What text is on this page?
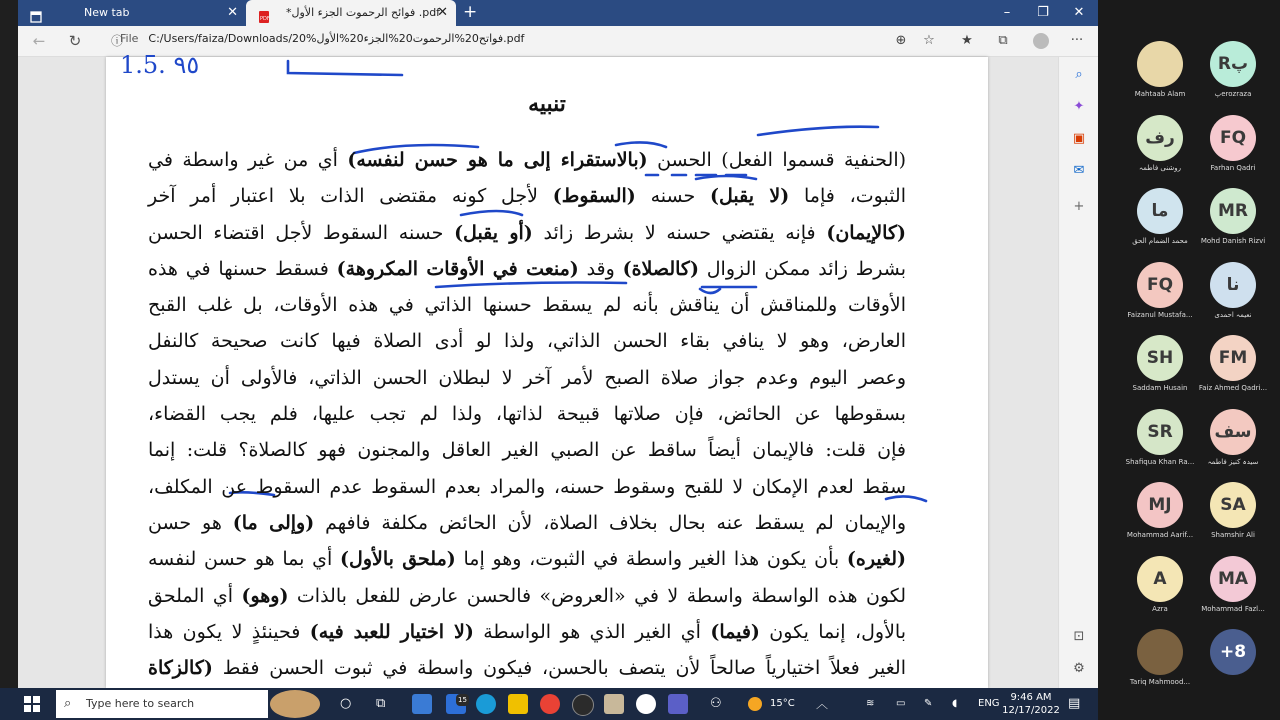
New tab	✕	PDF *فوائح الرحموت الجزء الأول .pdf
✕ +	–	❐	✕
←	↻	ⓘ
File C:/Users/faiza/Downloads/20%فواتح20%الرحموت20%الجزء20%الأول.pdf	⊕	☆	★	⧉	···
1.5. ٩٥
تنبيه
(الحنفية قسموا الفعل) الحسن (بالاستقراء إلى ما هو حسن لنفسه) أي من غير واسطة في
الثبوت، فإما (لا يقبل) حسنه (السقوط) لأجل كونه مقتضى الذات بلا اعتبار أمر آخر
(كالإيمان) فإنه يقتضي حسنه لا بشرط زائد (أو يقبل) حسنه السقوط لأجل اقتضاء الحسن
بشرط زائد ممكن الزوال (كالصلاة) وقد (منعت في الأوقات المكروهة) فسقط حسنها في هذه
الأوقات وللمناقش أن يناقش بأنه لم يسقط حسنها الذاتي في هذه الأوقات، بل غلب القبح
العارض، وهو لا ينافي بقاء الحسن الذاتي، ولذا لو أدى الصلاة فيها كانت صحيحة كالنفل
وعصر اليوم وعدم جواز صلاة الصبح لأمر آخر لا لبطلان الحسن الذاتي، فالأولى أن يستدل
بسقوطها عن الحائض، فإن صلاتها قبيحة لذاتها، ولذا لم تجب عليها، فلم يجب القضاء،
فإن قلت: فالإيمان أيضاً ساقط عن الصبي الغير العاقل والمجنون فهو كالصلاة؟ قلت: إنما
سقط لعدم الإمكان لا للقبح وسقوط حسنه، والمراد بعدم السقوط عدم السقوط عن المكلف،
والإيمان لم يسقط عنه بحال بخلاف الصلاة، لأن الحائض مكلفة فافهم (وإلى ما) هو حسن
(لغيره) بأن يكون هذا الغير واسطة في الثبوت، وهو إما (ملحق بالأول) أي بما هو حسن لنفسه
لكون هذه الواسطة واسطة لا في «العروض» فالحسن عارض للفعل بالذات (وهو) أي الملحق
بالأول، إنما يكون (فيما) أي الغير الذي هو الواسطة (لا اختيار للعبد فيه) فحينئذٍ لا يكون هذا
الغير فعلاً اختيارياً صالحاً لأن يتصف بالحسن، فيكون واسطة في ثبوت الحسن فقط (كالزكاة
⌕
✦
▣
✉
+
⊡
⚙
Mahtaab Alam
Rپ
پerozraza
رف
روشنی فاطمہ
FQ
Farhan Qadri
ما
محمد الضمام الحق
MR
Mohd Danish Rizvi
FQ
Faizanul Mustafa...
نا
نعیمہ احمدی
SH
Saddam Husain
FM
Faiz Ahmed Qadri...
SR
Shafiqua Khan Ra...
سف
سیدہ کنیز فاطمہ
MJ
Mohammad Aarif...
SA
Shamshir Ali
A
Azra
MA
Mohammad Fazl...
Tariq Mahmood...
+8
⌕ Type here to search	○ ⧉	15	⚇	15°C ︿	≋ ▭ ✎ ◖ ENG
9:46 AM
12/17/2022 ▤
